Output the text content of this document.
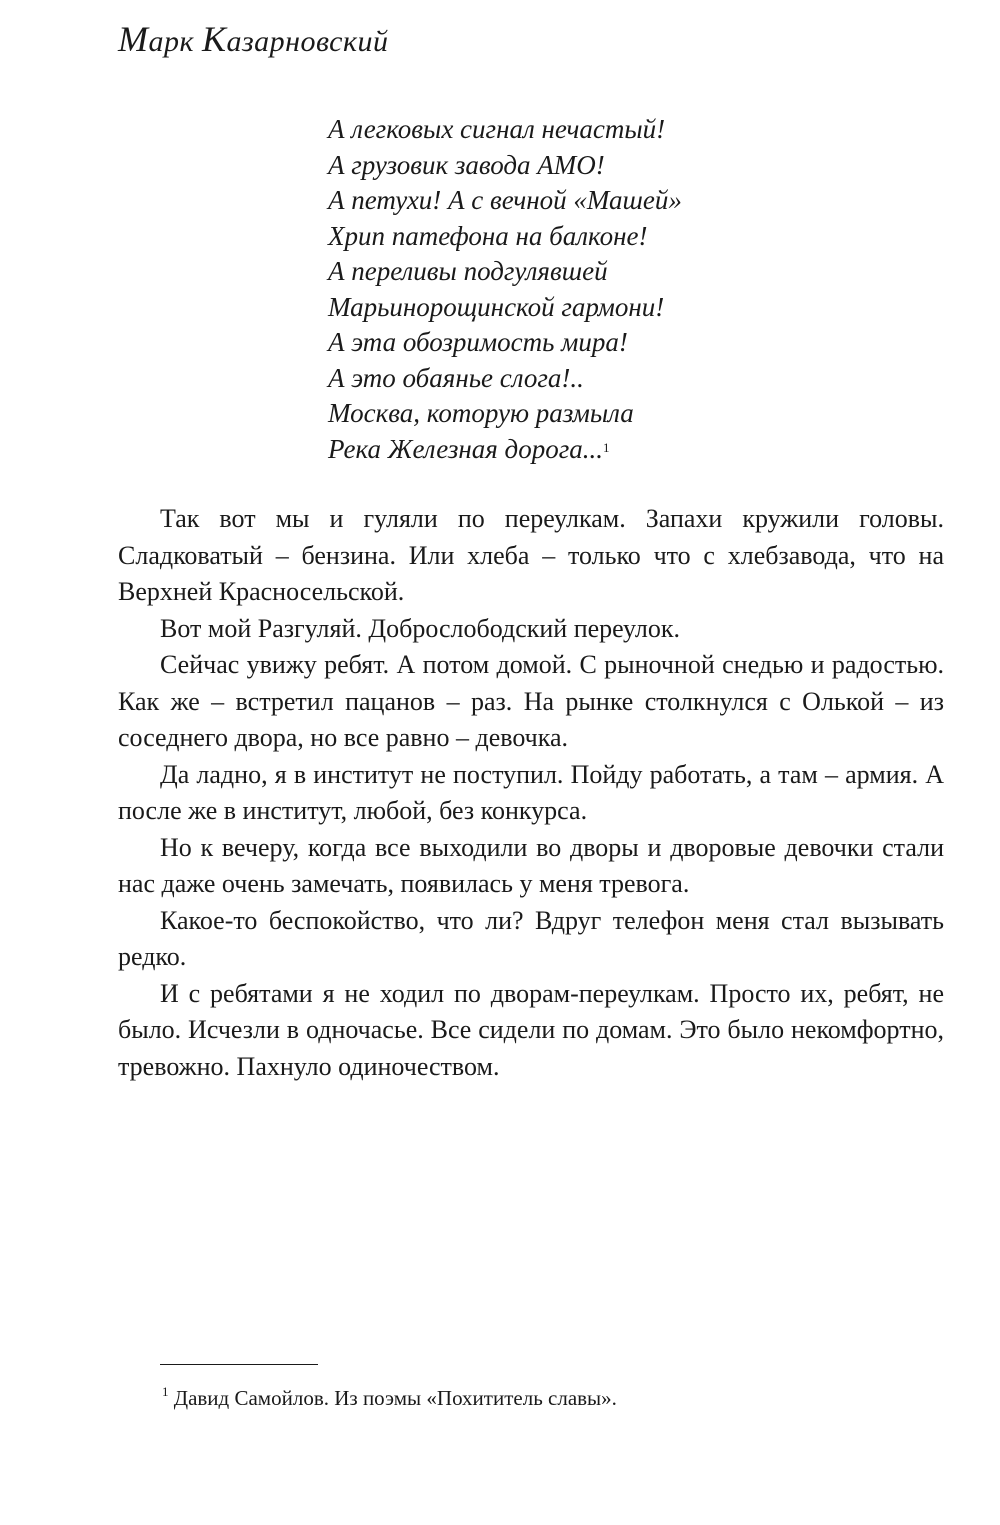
Марк Казарновский
А легковых сигнал нечастый!
А грузовик завода АМО!
А петухи! А с вечной «Машей»
Хрип патефона на балконе!
А переливы подгулявшей
Марьинорощинской гармони!
А эта обозримость мира!
А это обаянье слога!..
Москва, которую размыла
Река Железная дорога...$^1$

Так вот мы и гуляли по переулкам. Запахи кружили головы. Сладковатый – бензина. Или хлеба – только что с хлебзавода, что на Верхней Красносельской.

Вот мой Разгуляй. Доброслободский переулок.

Сейчас увижу ребят. А потом домой. С рыночной снедью и радостью. Как же – встретил пацанов – раз. На рынке столкнулся с Олькой – из соседнего двора, но все равно – девочка.

Да ладно, я в институт не поступил. Пойду работать, а там – армия. А после же в институт, любой, без конкурса.

Но к вечеру, когда все выходили во дворы и дворовые девочки стали нас даже очень замечать, появилась у меня тревога.

Какое-то беспокойство, что ли? Вдруг телефон меня стал вызывать редко.

И с ребятами я не ходил по дворам-переулкам. Просто их, ребят, не было. Исчезли в одночасье. Все сидели по домам. Это было некомфортно, тревожно. Пахнуло одиночеством.

$^1$ Давид Самойлов. Из поэмы «Похититель славы».
